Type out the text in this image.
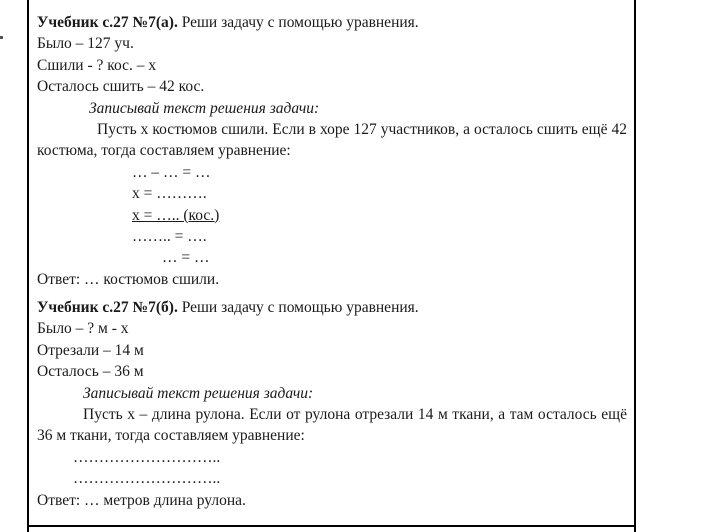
Учебник с.27 №7(а). Реши задачу с помощью уравнения.

Было – 127 уч.

Сшили - ? кос. – x

Осталось сшить – 42 кос.

Записывай текст решения задачи:

Пусть x костюмов сшили. Если в хоре 127 участников, а осталось сшить ещё 42 костюма, тогда составляем уравнение:

… – … = …

x = ……….

x = ….. (кос.)

…….. = ….

… = …

Ответ: … костюмов сшили.

Учебник с.27 №7(б). Реши задачу с помощью уравнения.

Было – ? м - x

Отрезали – 14 м

Осталось – 36 м

Записывай текст решения задачи:

Пусть x – длина рулона. Если от рулона отрезали 14 м ткани, а там осталось ещё 36 м ткани, тогда составляем уравнение:

………………………..

………………………..

Ответ: … метров длина рулона.
